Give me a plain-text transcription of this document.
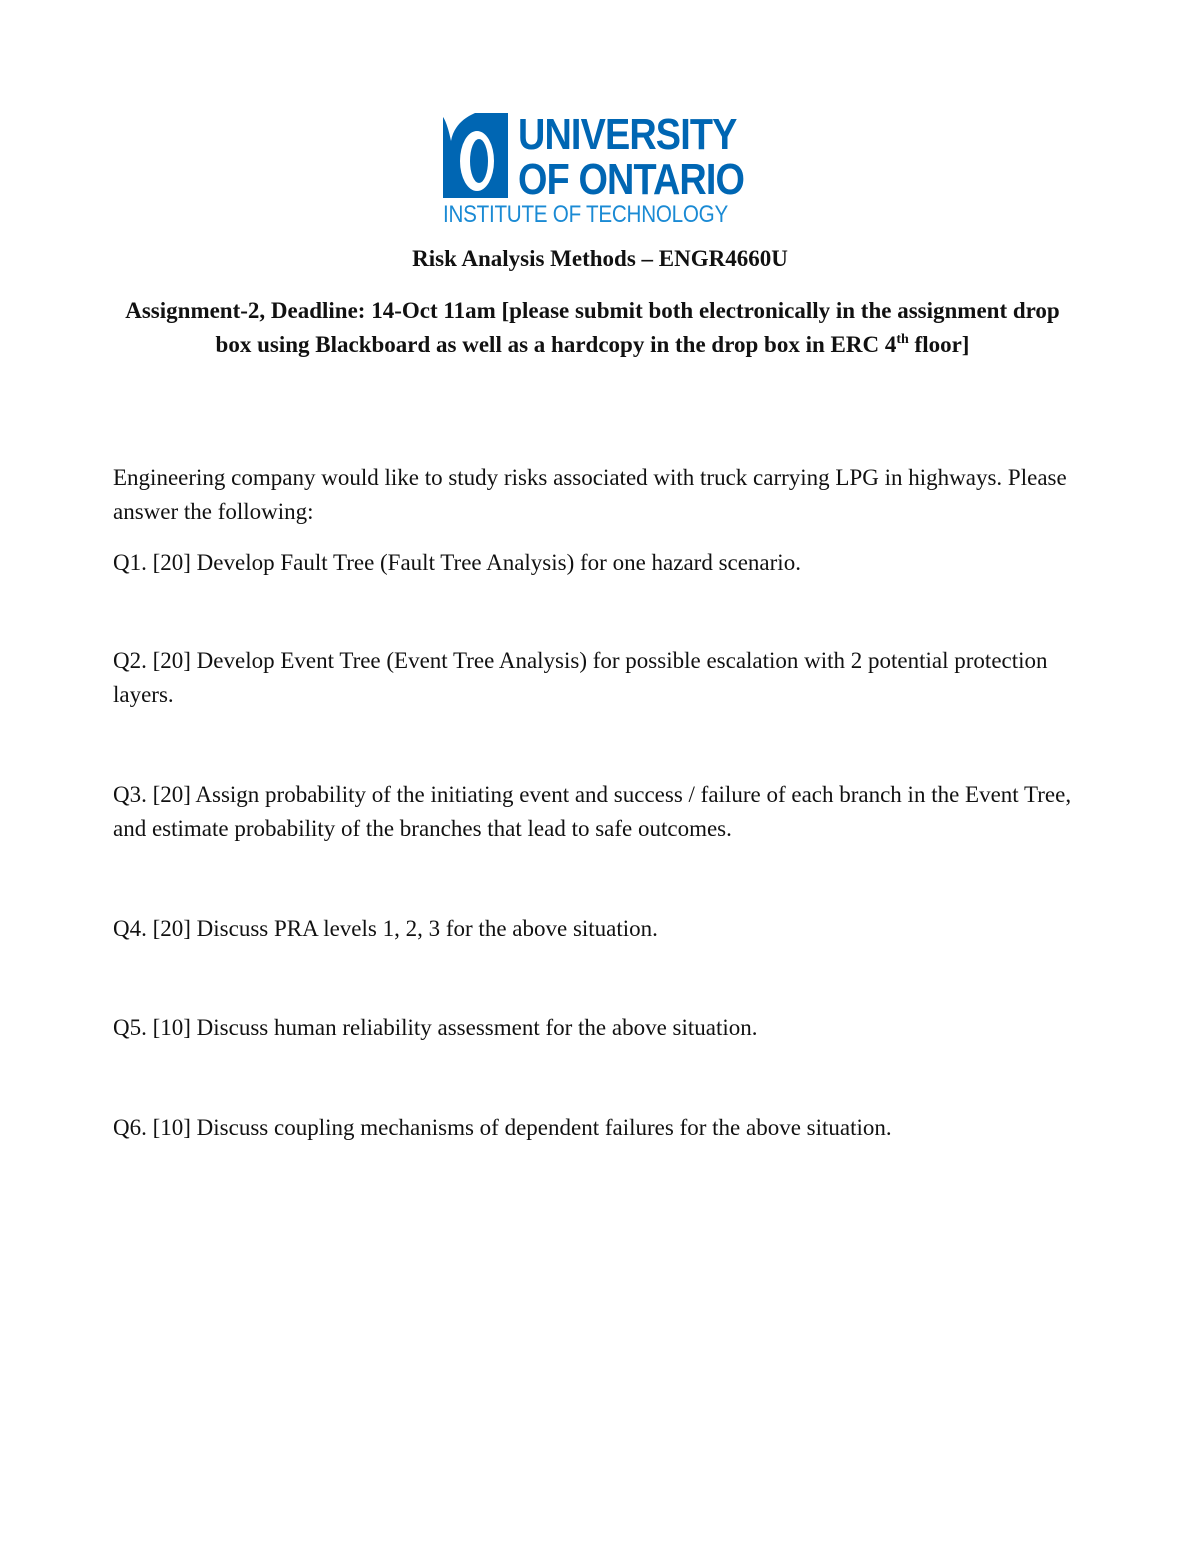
UNIVERSITY
OF ONTARIO
INSTITUTE OF TECHNOLOGY
Risk Analysis Methods – ENGR4660U
Assignment-2, Deadline: 14-Oct 11am [please submit both electronically in the assignment drop box using Blackboard as well as a hardcopy in the drop box in ERC 4th floor]
Engineering company would like to study risks associated with truck carrying LPG in highways. Please answer the following:
Q1. [20] Develop Fault Tree (Fault Tree Analysis) for one hazard scenario.
Q2. [20] Develop Event Tree (Event Tree Analysis) for possible escalation with 2 potential protection layers.
Q3. [20] Assign probability of the initiating event and success / failure of each branch in the Event Tree, and estimate probability of the branches that lead to safe outcomes.
Q4. [20] Discuss PRA levels 1, 2, 3 for the above situation.
Q5. [10] Discuss human reliability assessment for the above situation.
Q6. [10] Discuss coupling mechanisms of dependent failures for the above situation.
